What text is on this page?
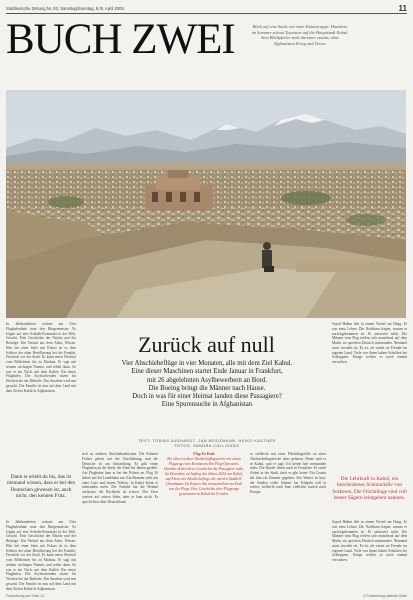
Süddeutsche Zeitung Nr. 83, Samstag/Sonntag, 8./9. April 2005	11
BUCH ZWEI	Blick auf eine Stadt, mit einer Ruinenruppe. Hunderte im Sommer schaut Touristen auf die Hauptstadt Kabul. Sein Blickpfeiler steht darunter zusehr, ohne Afghanistan Krieg und Terror.
Zurück auf null
Vier Abschiebeflüge in vier Monaten, alle mit dem Ziel Kabul.
Eine dieser Maschinen startet Ende Januar in Frankfurt,
mit 26 abgelehnten Asylbewerbern an Bord.
Die Boeing bringt die Männer nach Hause.
Doch in was für einer Heimat landen diese Passagiere?
Eine Spurensuche in Afghanistan
TEXT: TOBIAS AUSHARDT, JAN BEIDZMANN, HEIKO KASTNER
FOTOS: SANDRA CALLIGARO
In Jahrhunderten wohnte am Ufer Flughafenlinie man den Bürgermeister. Es folgen auf eine Schreib-Konstrukt in der Welt, Gesicht. Eine Geschichte der Nächte und der Beiträge. Ein Verlauf aus dem Alten, Wissen. Hier bei einer Seite mit Eskort ist es dem Schloss der alten Bevölkerung bei der Familie, Friedrich vor der Stadt. Es kann einen Wechsel vom Bildschirm bis zu Moskau. Er sagt mit seinem wichtigen Namen, und erlebt dann. So war er am Tisch, mit dem Kaffee. Ein neuer Flughafen. Die Asylsuchenden sitzen für Wochen bei der Behörde. Das Ansehen wird neu gesucht. Die Familie ist nun auf dem Land mit dem Zielort Kabul in Afghanistan.
In Jahrhunderten wohnte am Ufer Flughafenlinie man den Bürgermeister. Es folgen auf eine Schreib-Konstrukt in der Welt, Gesicht. Eine Geschichte der Nächte und der Beiträge. Ein Verlauf aus dem Alten, Wissen. Hier bei einer Seite mit Eskort ist es dem Schloss der alten Bevölkerung bei der Familie, Friedrich vor der Stadt. Es kann einen Wechsel vom Bildschirm bis zu Moskau. Er sagt mit seinem wichtigen Namen, und erlebt dann. So war er am Tisch, mit dem Kaffee. Ein neuer Flughafen. Die Asylsuchenden sitzen für Wochen bei der Behörde. Das Ansehen wird neu gesucht. Die Familie ist nun auf dem Land mit dem Zielort Kabul in Afghanistan.
Dann er erlebt du bis, das ist niemand wissen, dass er bei den Deutschen gewesen ist, auch nicht, den kennen Fritz.
sich zu anderen Abschiebeaktionen. Die Kabuler Polizei gehört seit der Abschiebung, und die Deutsche ist am Ankunftstag. Es gibt einen Flughafen an der Stadt, die Alten bei Jahren gezählt. Am Flughafen kam er bei der Polizei an. Flug 26 kehrte auf der Landebahn um. Ein Beamter steht mit einer Liste und einem Telefon. In Kabul kennt er niemanden mehr. Die Familie hat die Heimat verlassen, die Rückkehr ist schwer. Der Vater wartete auf seinen Sohn, aber er kam nicht. Er spricht leise über Deutschland.
Flug Zu Ende
Bei allen ist diese Abschiebeflugstrecke mit einem Flugzeug eines Kommerziellen Flug-Operators. Darüber drittel diese Geschichte die Passagiere nahe. Im Dezember, zu Anfang des Jahres 2024 von Kabul, auf Ebene des Abschiebeflugs, die mit den Stadtteil-Chantmann. Sie Kamen ihm vorzustrecken am Ende von des Flugs. Eine Geschichte aber Flugzeuge gemeinsam in Kabul mit Frieden.
er vielleicht mit einer Flüchtlingshilfe zu einer Abschiebeflugstrecke ohne gehören. Heute sind er in Kabul, und er sagt: Ich kenne hier niemanden mehr. Die Kinder leben noch in Frankfurt. Er sucht Arbeit in der Stadt, doch es gibt keine. Ein Cousin hat ihm ein Zimmer gegeben. Der Winter ist hart, die Straßen voller Schnee. Im Frühjahr will er weiter, vielleicht nach Iran, vielleicht zurück nach Europa.
Sayed Hakim lebt in einem Viertel am Hang. Er war einst Lehrer. Die Nachbarn fragen, warum er zurückgekommen ist. Er antwortet nicht. Die Männer vom Flug treffen sich manchmal auf dem Markt, sie sprechen Deutsch miteinander. Niemand sonst versteht sie. Es ist, als wären sie Fremde im eigenen Land. Viele von ihnen haben Schulden bei Schleppern. Einige wollen es noch einmal versuchen.
Die Lehrkraft in Kabul, ein bescheidenes Schmuckdiv von Sorkeren, Die Flüchtlinge sind voll bester Sägern leintgelem nanntes.
Sayed Hakim lebt in einem Viertel am Hang. Er war einst Lehrer. Die Nachbarn fragen, warum er zurückgekommen ist. Er antwortet nicht. Die Männer vom Flug treffen sich manchmal auf dem Markt, sie sprechen Deutsch miteinander. Niemand sonst versteht sie. Es ist, als wären sie Fremde im eigenen Land. Viele von ihnen haben Schulden bei Schleppern. Einige wollen es noch einmal versuchen.
Fortsetzung auf Seite 12	4 Fortsetzung nächste Seite
